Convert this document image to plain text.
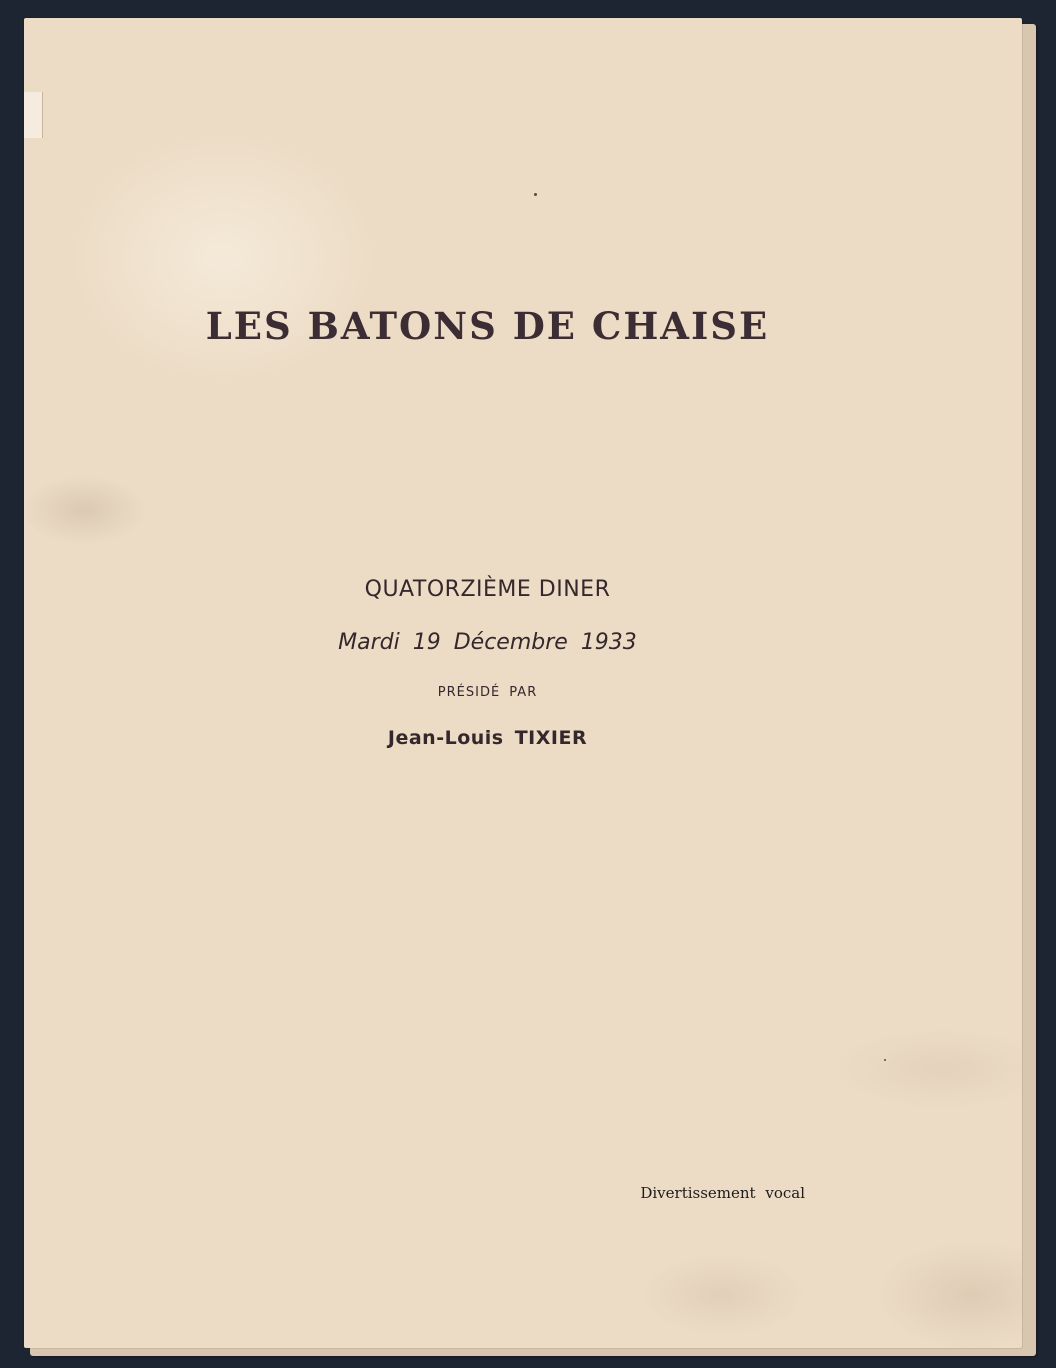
LES BATONS DE CHAISE
QUATORZIÈME DINER
Mardi 19 Décembre 1933
PRÉSIDÉ PAR
Jean-Louis TIXIER
Divertissement vocal
